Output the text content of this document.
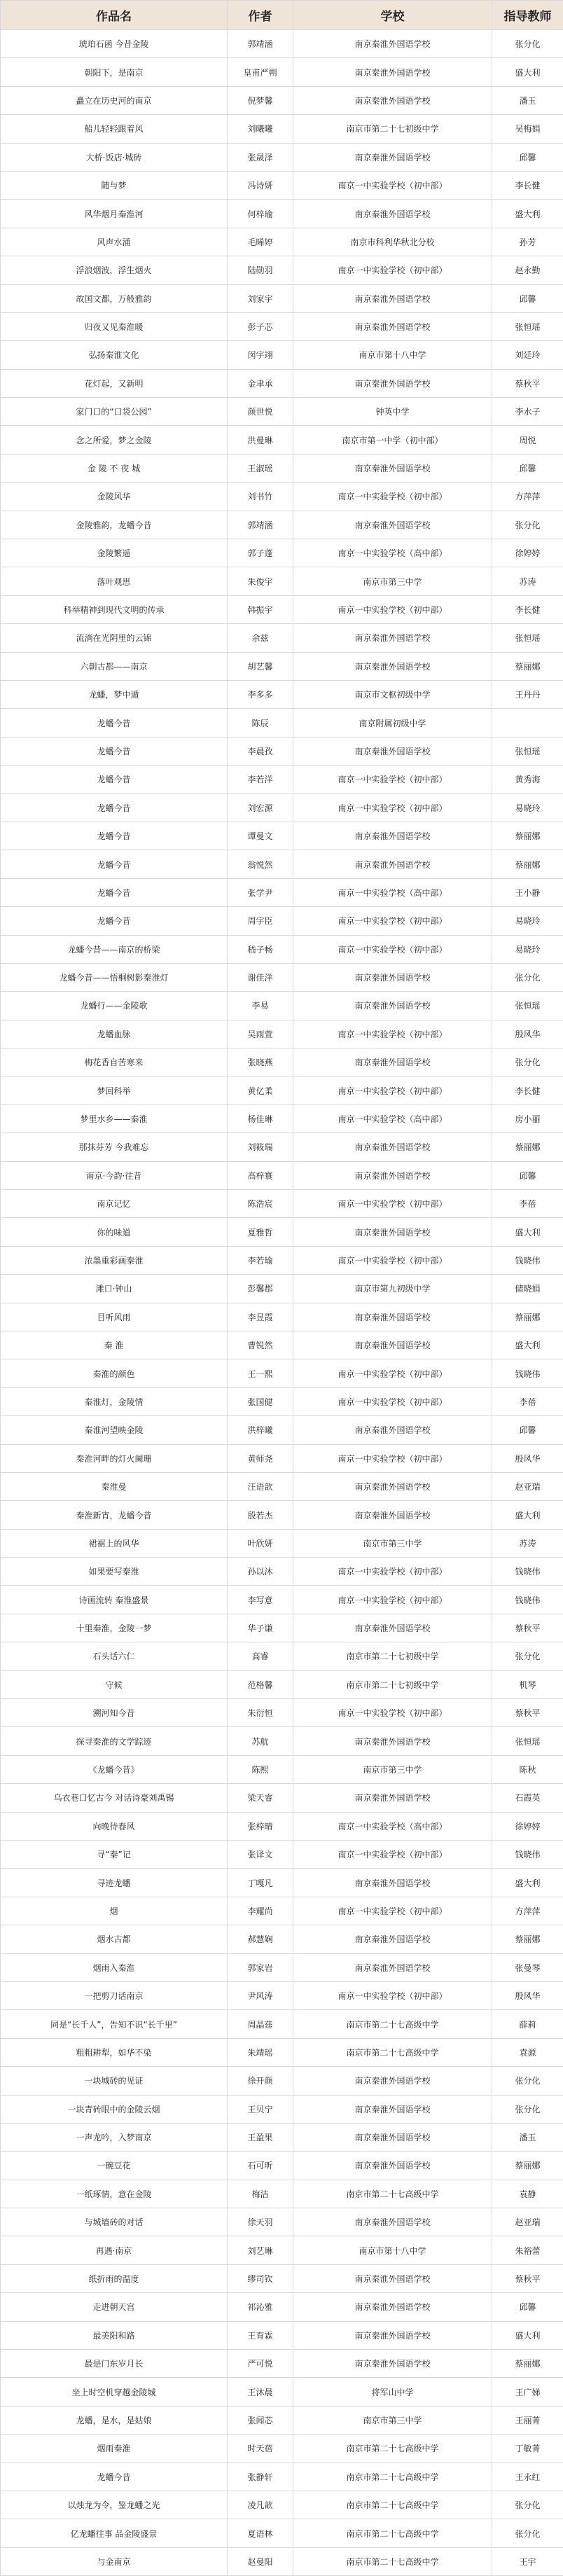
作品名	作者	学校	指导教师
琥珀石函 今昔金陵	郭靖涵	南京秦淮外国语学校	张分化
朝阳下，是南京	皇甫严朔	南京秦淮外国语学校	盛大利
矗立在历史河的南京	倪梦馨	南京秦淮外国语学校	潘玉
船儿轻轻跟着风	刘曦曦	南京市第二十七初级中学	吴梅娟
大桥·饭店·城砖	张晟泽	南京秦淮外国语学校	邱馨
随与梦	冯诗妍	南京一中实验学校（初中部）	李长健
风华烟月秦淮河	何梓瑜	南京秦淮外国语学校	盛大利
风声水涌	毛晞婷	南京市科利华秋北分校	孙芳
浮浪烟波，浮生烟火	陆勋羽	南京一中实验学校（初中部）	赵永勤
故国文都，万般雅韵	刘家宇	南京秦淮外国语学校	邱馨
归夜又见秦淮暖	彭子芯	南京秦淮外国语学校	张恒瑶
弘扬秦淮文化	闵宇翊	南京市第十八中学	刘廷玲
花灯起，又新明	金聿承	南京秦淮外国语学校	蔡秋平
家门口的“口袋公园”	颜世悦	钟英中学	李水子
念之所爱，梦之金陵	洪曼琳	南京市第一中学（初中部）	周悦
金 陵 不 夜 城	王淑瑶	南京秦淮外国语学校	邱馨
金陵风华	刘书竹	南京一中实验学校（初中部）	方萍萍
金陵雅韵，龙蟠今昔	郭靖涵	南京秦淮外国语学校	张分化
金陵繁遥	郭子蓬	南京一中实验学校（高中部）	徐婷婷
落叶观思	朱俊宇	南京市第三中学	苏涛
科举精神到现代文明的传承	韩振宇	南京一中实验学校（初中部）	李长健
流淌在光阴里的云锦	余兹	南京秦淮外国语学校	张恒瑶
六朝古都——南京	胡艺馨	南京秦淮外国语学校	蔡丽娜
龙蟠，梦中遁	李多多	南京市文枢初级中学	王丹丹
龙蟠今昔	陈辰	南京附属初级中学	
龙蟠今昔	李晨孜	南京秦淮外国语学校	张恒瑶
龙蟠今昔	李若洋	南京一中实验学校（初中部）	黄秀海
龙蟠今昔	刘宏源	南京一中实验学校（初中部）	易晓玲
龙蟠今昔	谭曼文	南京秦淮外国语学校	蔡丽娜
龙蟠今昔	翁悦然	南京秦淮外国语学校	蔡丽娜
龙蟠今昔	张学尹	南京一中实验学校（高中部）	王小静
龙蟠今昔	周宇臣	南京一中实验学校（初中部）	易晓玲
龙蟠今昔——南京的桥梁	嵇子畅	南京一中实验学校（初中部）	易晓玲
龙蟠今昔——悟桐树影秦淮灯	谢佳洋	南京秦淮外国语学校	张分化
龙蟠行——金陵歌	李易	南京秦淮外国语学校	张恒瑶
龙蟠血脉	吴雨萱	南京一中实验学校（初中部）	殷风华
梅花香自苦寒来	张晓燕	南京秦淮外国语学校	张分化
梦回科举	黄亿柔	南京一中实验学校（初中部）	李长健
梦里水乡——秦淮	杨佳琳	南京一中实验学校（高中部）	房小丽
那抹芬芳 今我难忘	刘筱瑞	南京秦淮外国语学校	蔡丽娜
南京·今韵·往昔	高梓寰	南京秦淮外国语学校	邱馨
南京记忆	陈浩宸	南京一中实验学校（初中部）	李蓓
你的味道	夏雅哲	南京秦淮外国语学校	盛大利
浓墨重彩画秦淮	李若瑜	南京一中实验学校（初中部）	钱晓伟
滩口·钟山	彭馨郡	南京市第九初级中学	储晓娟
目听风雨	李昱霞	南京秦淮外国语学校	蔡丽娜
秦 淮	曹锐然	南京秦淮外国语学校	盛大利
秦淮的颜色	王一熙	南京一中实验学校（初中部）	钱晓伟
秦淮灯，金陵情	张国健	南京一中实验学校（初中部）	李蓓
秦淮河望映金陵	洪梓曦	南京秦淮外国语学校	邱馨
秦淮河畔的灯火阑珊	黄师尧	南京一中实验学校（初中部）	殷风华
秦淮曼	汪语歆	南京秦淮外国语学校	赵亚瑞
秦淮新宵，龙蟠今昔	殷若杰	南京秦淮外国语学校	盛大利
裙裾上的风华	叶欣妍	南京市第三中学	苏涛
如果要写秦淮	孙以沐	南京一中实验学校（初中部）	钱晓伟
诗画流转 秦淮盛景	李写意	南京一中实验学校（初中部）	钱晓伟
十里秦淮，金陵一梦	华子谦	南京秦淮外国语学校	蔡秋平
石头话六仁	高睿	南京市第二十七初级中学	张分化
守候	范格馨	南京市第二十七初级中学	机琴
溯河知今昔	朱衍恒	南京一中实验学校（初中部）	蔡秋平
探寻秦淮的文学踪迹	苏航	南京秦淮外国语学校	张恒瑶
《龙蟠今昔》	陈熙	南京市第三中学	陈秋
乌衣巷口忆古今 对话诗豪刘禹锡	梁天睿	南京秦淮外国语学校	石霞英
向晚待春风	张梓晴	南京一中实验学校（高中部）	徐婷婷
寻“秦”记	张译文	南京一中实验学校（初中部）	钱晓伟
寻迹龙蟠	丁嘎凡	南京秦淮外国语学校	盛大利
烟	李耀尚	南京一中实验学校（初中部）	方萍萍
烟水古都	郝慧娴	南京秦淮外国语学校	蔡丽娜
烟雨入秦淮	郭家岩	南京秦淮外国语学校	张曼琴
一把剪刀话南京	尹风涛	南京一中实验学校（初中部）	殷风华
同是“长千人”，告知不识“长千里”	周晶莛	南京市第二十七高级中学	薛莉
粗粗耕犁，如华不染	朱靖瑶	南京市第二十七高级中学	袁源
一块城砖的见证	徐开颜	南京秦淮外国语学校	张分化
一块青砖眼中的金陵云烟	王贝宁	南京秦淮外国语学校	张分化
一声龙吟，入梦南京	王盈果	南京秦淮外国语学校	潘玉
一碗豆花	石可昕	南京秦淮外国语学校	蔡丽娜
一纸琢情，意在金陵	梅洁	南京市第二十七高级中学	袁静
与城墙砖的对话	徐天羽	南京秦淮外国语学校	赵亚瑞
再遇·南京	刘艺琳	南京市第十八中学	朱裕蕾
纸折雨的温度	缪司钦	南京秦淮外国语学校	蔡秋平
走进朝天宫	祁沁雅	南京秦淮外国语学校	邱馨
最美阳和路	王育霖	南京秦淮外国语学校	盛大利
最是门东岁月长	严可悦	南京秦淮外国语学校	蔡丽娜
坐上时空机穿越金陵城	王沐晨	将军山中学	王广娣
龙蟠，是水，是姑娘	张闻芯	南京市第三中学	王丽菁
烟雨秦淮	时天蓓	南京市第二十七高级中学	丁敏菁
龙蟠今昔	张静轩	南京市第二十七高级中学	王永红
以烛龙为令，鉴龙蟠之光	凌凡歆	南京市第二十七高级中学	张分化
亿龙蟠往事 品金陵盛景	夏语林	南京市第二十七高级中学	张分化
与金南京	赵曼阳	南京市第二十七高级中学	王宇
